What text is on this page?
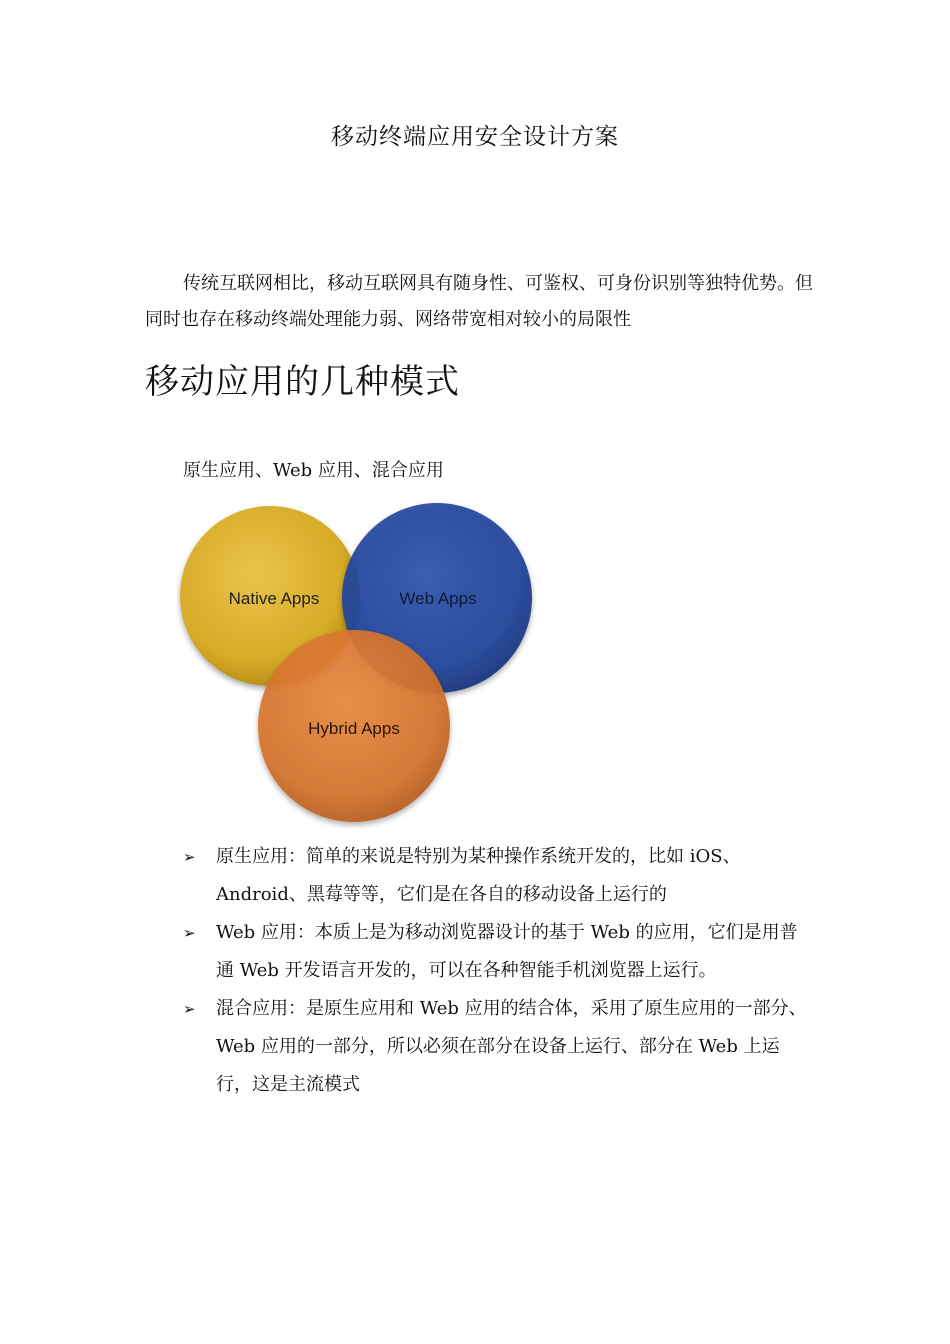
移动终端应用安全设计方案
传统互联网相比，移动互联网具有随身性、可鉴权、可身份识别等独特优势。但同时也存在移动终端处理能力弱、网络带宽相对较小的局限性
移动应用的几种模式
原生应用、Web 应用、混合应用
Native Apps	Web Apps
Hybrid Apps
➢ 原生应用：简单的来说是特别为某种操作系统开发的，比如 iOS、Android、黑莓等等，它们是在各自的移动设备上运行的
➢ Web 应用：本质上是为移动浏览器设计的基于 Web 的应用，它们是用普通 Web 开发语言开发的，可以在各种智能手机浏览器上运行。
➢ 混合应用：是原生应用和 Web 应用的结合体，采用了原生应用的一部分、Web 应用的一部分，所以必须在部分在设备上运行、部分在 Web 上运行，这是主流模式
